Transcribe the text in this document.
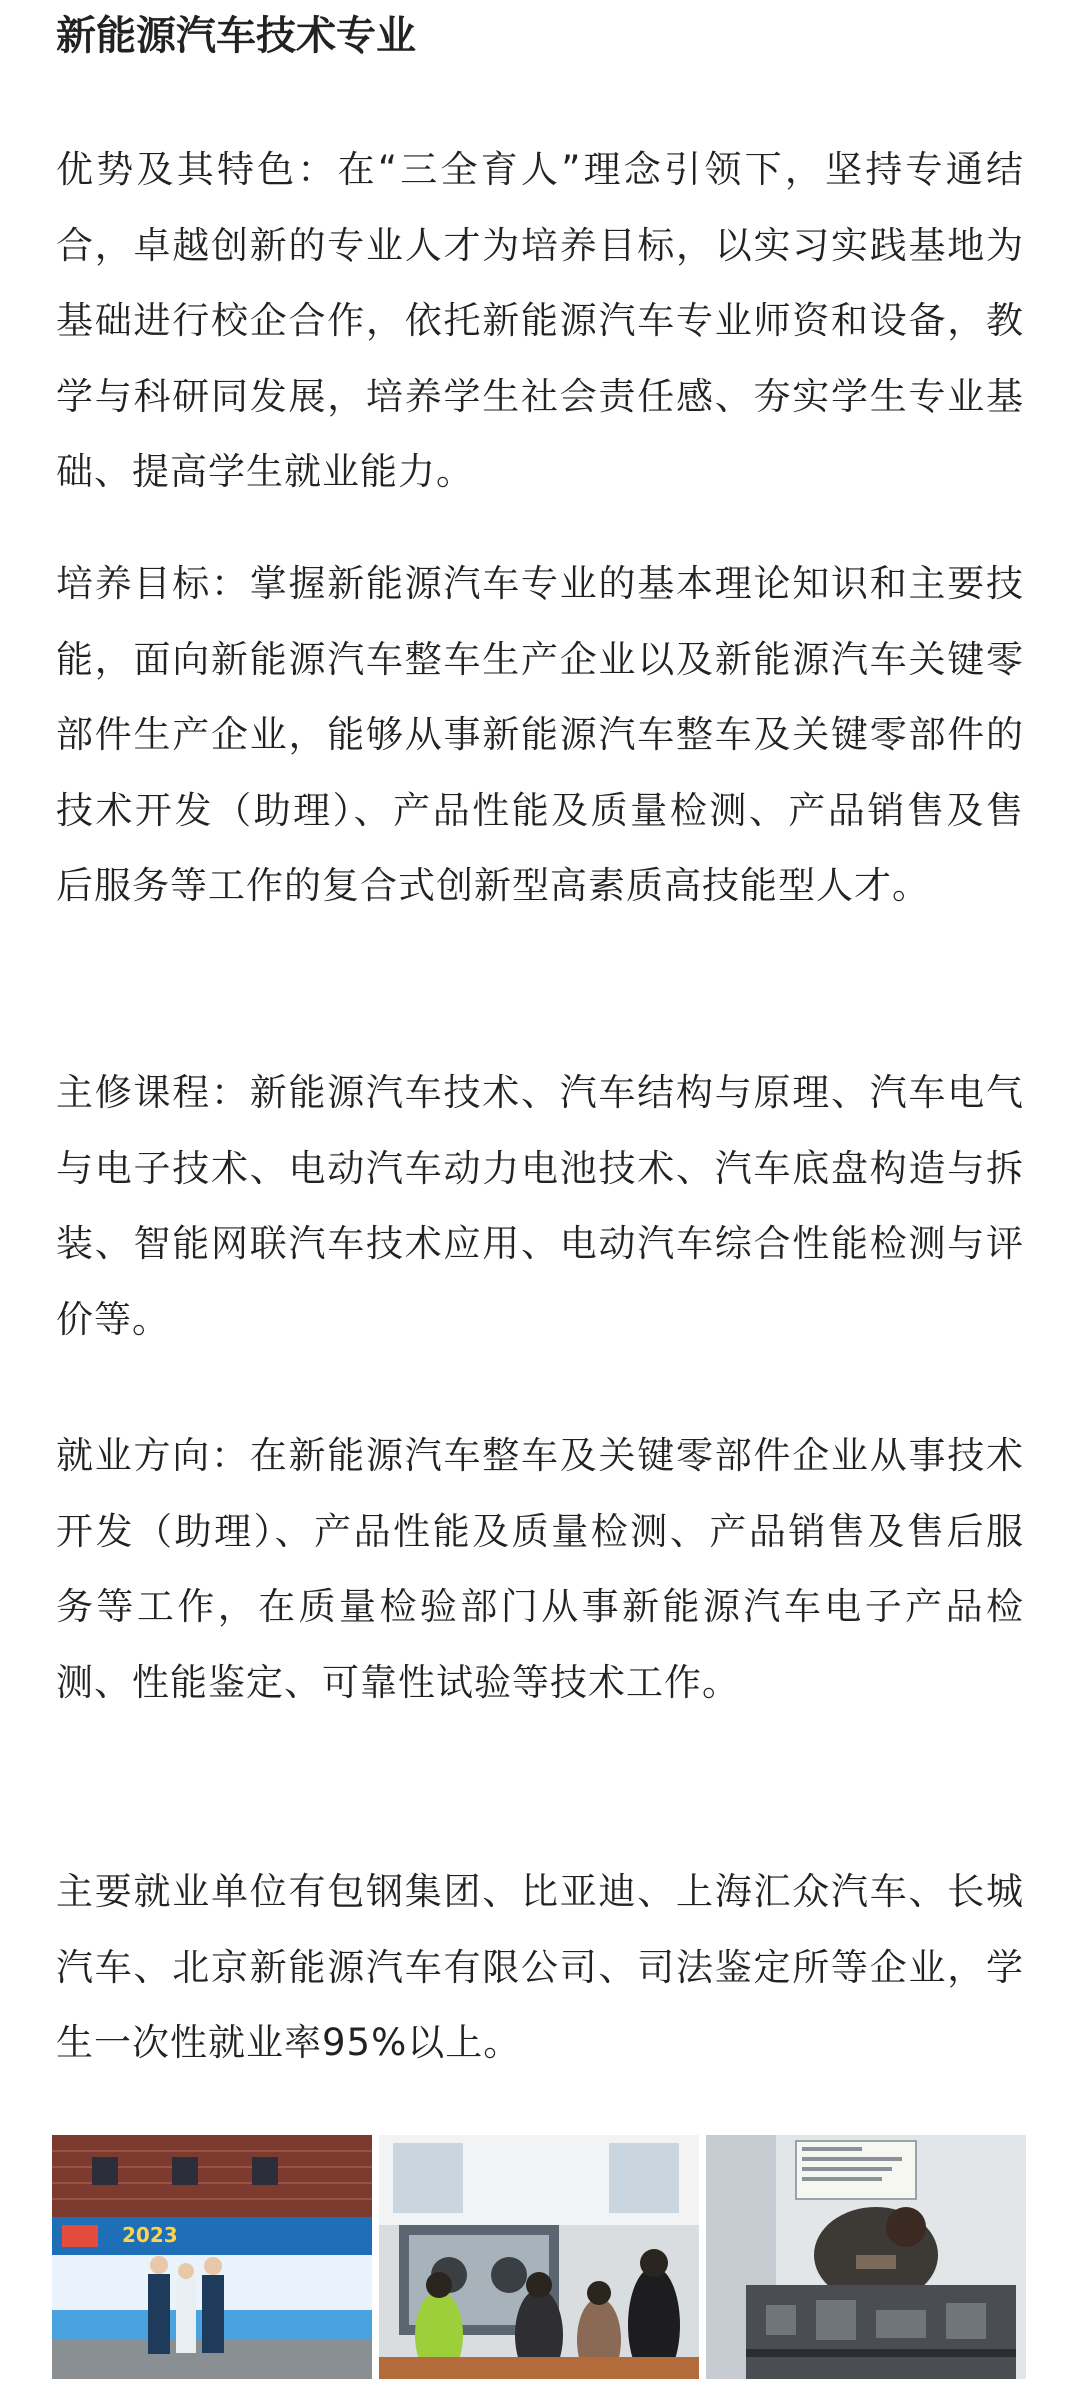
新能源汽车技术专业

优势及其特色：在“三全育人”理念引领下，坚持专通结合，卓越创新的专业人才为培养目标，以实习实践基地为基础进行校企合作，依托新能源汽车专业师资和设备，教学与科研同发展，培养学生社会责任感、夯实学生专业基础、提高学生就业能力。

培养目标：掌握新能源汽车专业的基本理论知识和主要技能，面向新能源汽车整车生产企业以及新能源汽车关键零部件生产企业，能够从事新能源汽车整车及关键零部件的技术开发（助理）、产品性能及质量检测、产品销售及售后服务等工作的复合式创新型高素质高技能型人才。

主修课程：新能源汽车技术、汽车结构与原理、汽车电气与电子技术、电动汽车动力电池技术、汽车底盘构造与拆装、智能网联汽车技术应用、电动汽车综合性能检测与评价等。

就业方向：在新能源汽车整车及关键零部件企业从事技术开发（助理）、产品性能及质量检测、产品销售及售后服务等工作，在质量检验部门从事新能源汽车电子产品检测、性能鉴定、可靠性试验等技术工作。

主要就业单位有包钢集团、比亚迪、上海汇众汽车、长城汽车、北京新能源汽车有限公司、司法鉴定所等企业，学生一次性就业率95%以上。

2023
